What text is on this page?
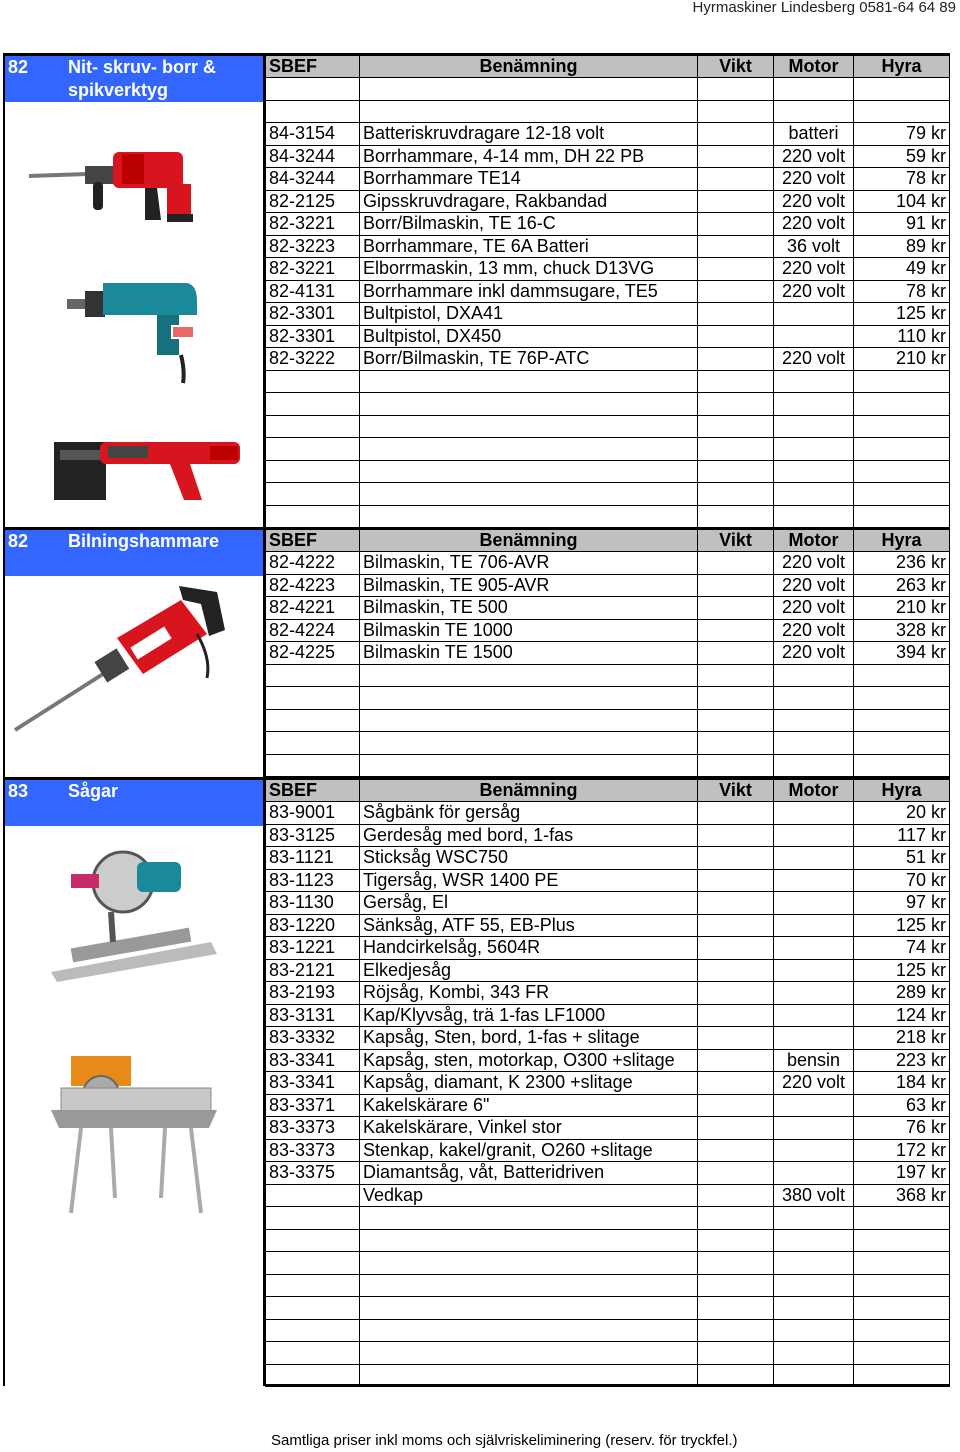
Hyrmaskiner Lindesberg 0581-64 64 89
82 Nit- skruv- borr & spikverktyg
SBEF	Benämning	Vikt	Motor	Hyra

84-3154	Batteriskruvdragare 12-18 volt		batteri	79 kr
84-3244	Borrhammare, 4-14 mm, DH 22 PB		220 volt	59 kr
84-3244	Borrhammare TE14		220 volt	78 kr
82-2125	Gipsskruvdragare, Rakbandad		220 volt	104 kr
82-3221	Borr/Bilmaskin, TE 16-C		220 volt	91 kr
82-3223	Borrhammare, TE 6A Batteri		36 volt	89 kr
82-3221	Elborrmaskin, 13 mm, chuck D13VG		220 volt	49 kr
82-4131	Borrhammare inkl dammsugare, TE5		220 volt	78 kr
82-3301	Bultpistol, DXA41			125 kr
82-3301	Bultpistol, DX450			110 kr
82-3222	Borr/Bilmaskin, TE 76P-ATC		220 volt	210 kr

82 Bilningshammare	SBEF	Benämning	Vikt	Motor	Hyra
82-4222	Bilmaskin, TE 706-AVR		220 volt	236 kr
82-4223	Bilmaskin, TE 905-AVR		220 volt	263 kr
82-4221	Bilmaskin, TE 500		220 volt	210 kr
82-4224	Bilmaskin TE 1000		220 volt	328 kr
82-4225	Bilmaskin TE 1500		220 volt	394 kr

83 Sågar	SBEF	Benämning	Vikt	Motor	Hyra
83-9001	Sågbänk för gersåg			20 kr
83-3125	Gerdesåg med bord, 1-fas			117 kr
83-1121	Sticksåg WSC750			51 kr
83-1123	Tigersåg, WSR 1400 PE			70 kr
83-1130	Gersåg, El			97 kr
83-1220	Sänksåg, ATF 55, EB-Plus			125 kr
83-1221	Handcirkelsåg, 5604R			74 kr
83-2121	Elkedjesåg			125 kr
83-2193	Röjsåg, Kombi, 343 FR			289 kr
83-3131	Kap/Klyvsåg, trä 1-fas LF1000			124 kr
83-3332	Kapsåg, Sten, bord, 1-fas + slitage			218 kr
83-3341	Kapsåg, sten, motorkap, O300 +slitage		bensin	223 kr
83-3341	Kapsåg, diamant, K 2300 +slitage		220 volt	184 kr
83-3371	Kakelskärare 6"			63 kr
83-3373	Kakelskärare, Vinkel stor			76 kr
83-3373	Stenkap, kakel/granit, O260 +slitage			172 kr
83-3375	Diamantsåg, våt, Batteridriven			197 kr
	Vedkap		380 volt	368 kr

Samtliga priser inkl moms och självriskeliminering (reserv. för tryckfel.)
